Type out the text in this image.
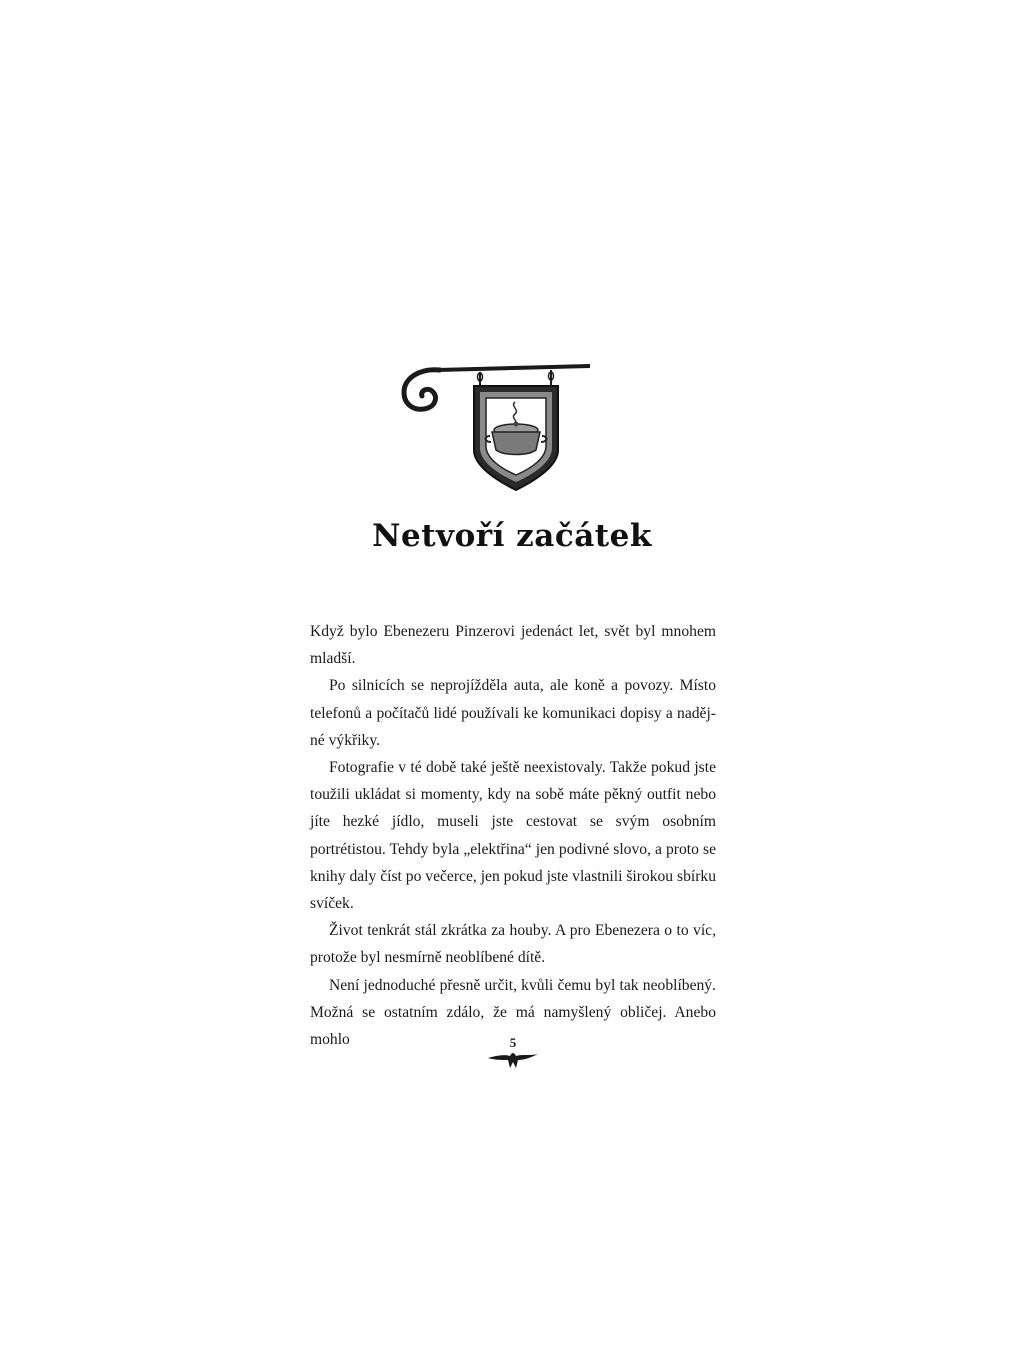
Netvoří začátek

Když bylo Ebenezeru Pinzerovi jedenáct let, svět byl mnohem mladší.

Po silnicích se neprojížděla auta, ale koně a povozy. Místo telefonů a počítačů lidé používali ke komunikaci dopisy a nadějné výkřiky.

Fotografie v té době také ještě neexistovaly. Takže pokud jste toužili ukládat si momenty, kdy na sobě máte pěkný outfit nebo jíte hezké jídlo, museli jste cestovat se svým osobním portrétistou. Tehdy byla „elektřina“ jen podivné slovo, a proto se knihy daly číst po večerce, jen pokud jste vlastnili širokou sbírku svíček.

Život tenkrát stál zkrátka za houby. A pro Ebenezera o to víc, protože byl nesmírně neoblíbené dítě.

Není jednoduché přesně určit, kvůli čemu byl tak neoblíbený. Možná se ostatním zdálo, že má namyšlený obličej. Anebo mohlo	5
